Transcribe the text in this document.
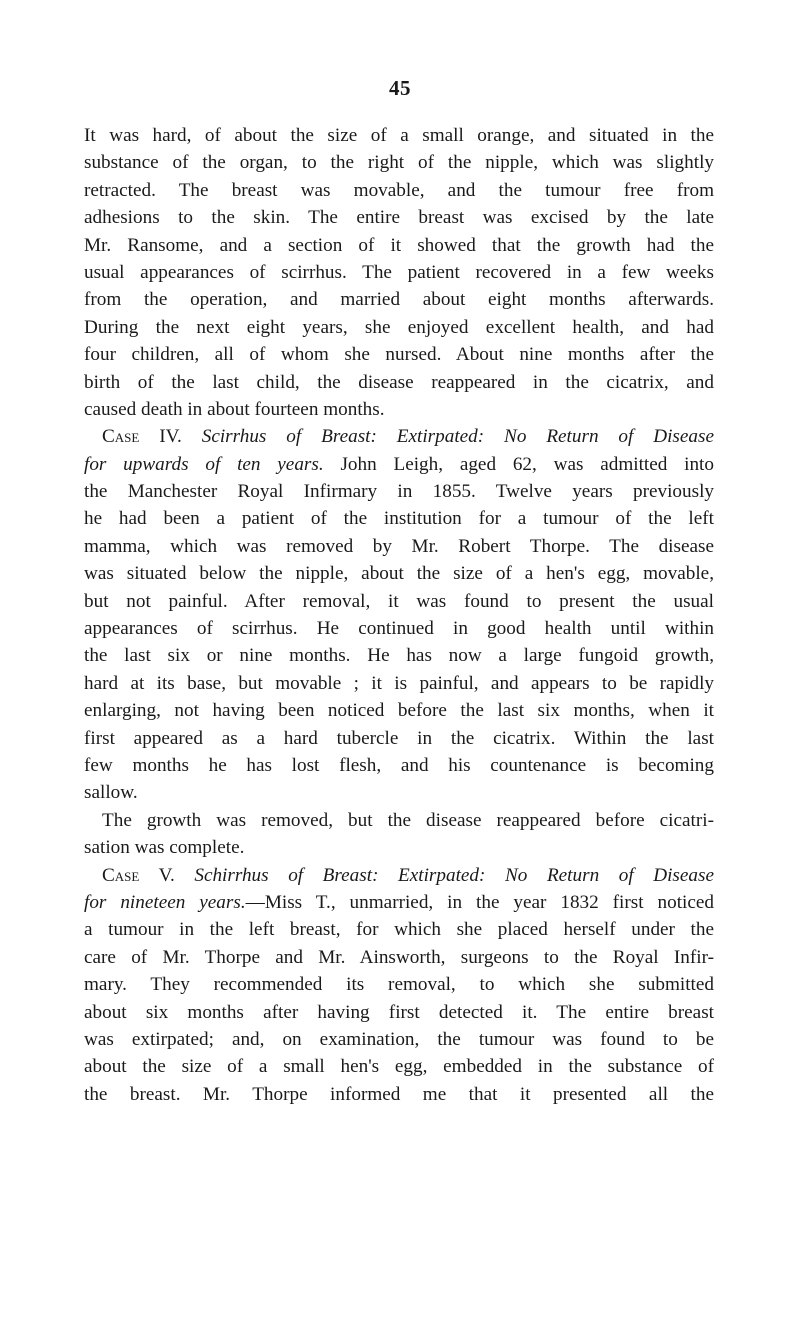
45
It was hard, of about the size of a small orange, and situated in the
substance of the organ, to the right of the nipple, which was slightly
retracted. The breast was movable, and the tumour free from
adhesions to the skin. The entire breast was excised by the late
Mr. Ransome, and a section of it showed that the growth had the
usual appearances of scirrhus. The patient recovered in a few weeks
from the operation, and married about eight months afterwards.
During the next eight years, she enjoyed excellent health, and had
four children, all of whom she nursed. About nine months after the
birth of the last child, the disease reappeared in the cicatrix, and
caused death in about fourteen months.
Case IV. Scirrhus of Breast: Extirpated: No Return of Disease
for upwards of ten years. John Leigh, aged 62, was admitted into
the Manchester Royal Infirmary in 1855. Twelve years previously
he had been a patient of the institution for a tumour of the left
mamma, which was removed by Mr. Robert Thorpe. The disease
was situated below the nipple, about the size of a hen's egg, movable,
but not painful. After removal, it was found to present the usual
appearances of scirrhus. He continued in good health until within
the last six or nine months. He has now a large fungoid growth,
hard at its base, but movable ; it is painful, and appears to be rapidly
enlarging, not having been noticed before the last six months, when it
first appeared as a hard tubercle in the cicatrix. Within the last
few months he has lost flesh, and his countenance is becoming
sallow.
The growth was removed, but the disease reappeared before cicatri-
sation was complete.
Case V. Schirrhus of Breast: Extirpated: No Return of Disease
for nineteen years.—Miss T., unmarried, in the year 1832 first noticed
a tumour in the left breast, for which she placed herself under the
care of Mr. Thorpe and Mr. Ainsworth, surgeons to the Royal Infir-
mary. They recommended its removal, to which she submitted
about six months after having first detected it. The entire breast
was extirpated; and, on examination, the tumour was found to be
about the size of a small hen's egg, embedded in the substance of
the breast. Mr. Thorpe informed me that it presented all the
